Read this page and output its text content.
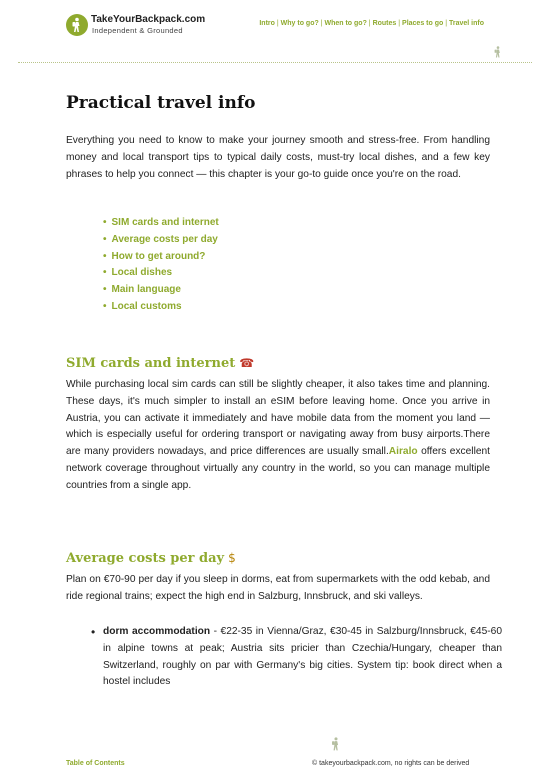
TakeYourBackpack.com
Independent & Grounded
Intro | Why to go? | When to go? | Routes | Places to go | Travel info
Practical travel info

Everything you need to know to make your journey smooth and stress-free. From handling money and local transport tips to typical daily costs, must-try local dishes, and a few key phrases to help you connect — this chapter is your go-to guide once you're on the road.

• SIM cards and internet
• Average costs per day
• How to get around?
• Local dishes
• Main language
• Local customs
SIM cards and internet ☎

While purchasing local sim cards can still be slightly cheaper, it also takes time and planning. These days, it's much simpler to install an eSIM before leaving home. Once you arrive in Austria, you can activate it immediately and have mobile data from the moment you land — which is especially useful for ordering transport or navigating away from busy airports.There are many providers nowadays, and price differences are usually small.Airalo offers excellent network coverage throughout virtually any country in the world, so you can manage multiple countries from a single app.

Average costs per day $

Plan on €70-90 per day if you sleep in dorms, eat from supermarkets with the odd kebab, and ride regional trains; expect the high end in Salzburg, Innsbruck, and ski valleys.

• dorm accommodation - €22-35 in Vienna/Graz, €30-45 in Salzburg/Innsbruck, €45-60 in alpine towns at peak; Austria sits pricier than Czechia/Hungary, cheaper than Switzerland, roughly on par with Germany's big cities. System tip: book direct when a hostel includes

Table of Contents	© takeyourbackpack.com, no rights can be derived
